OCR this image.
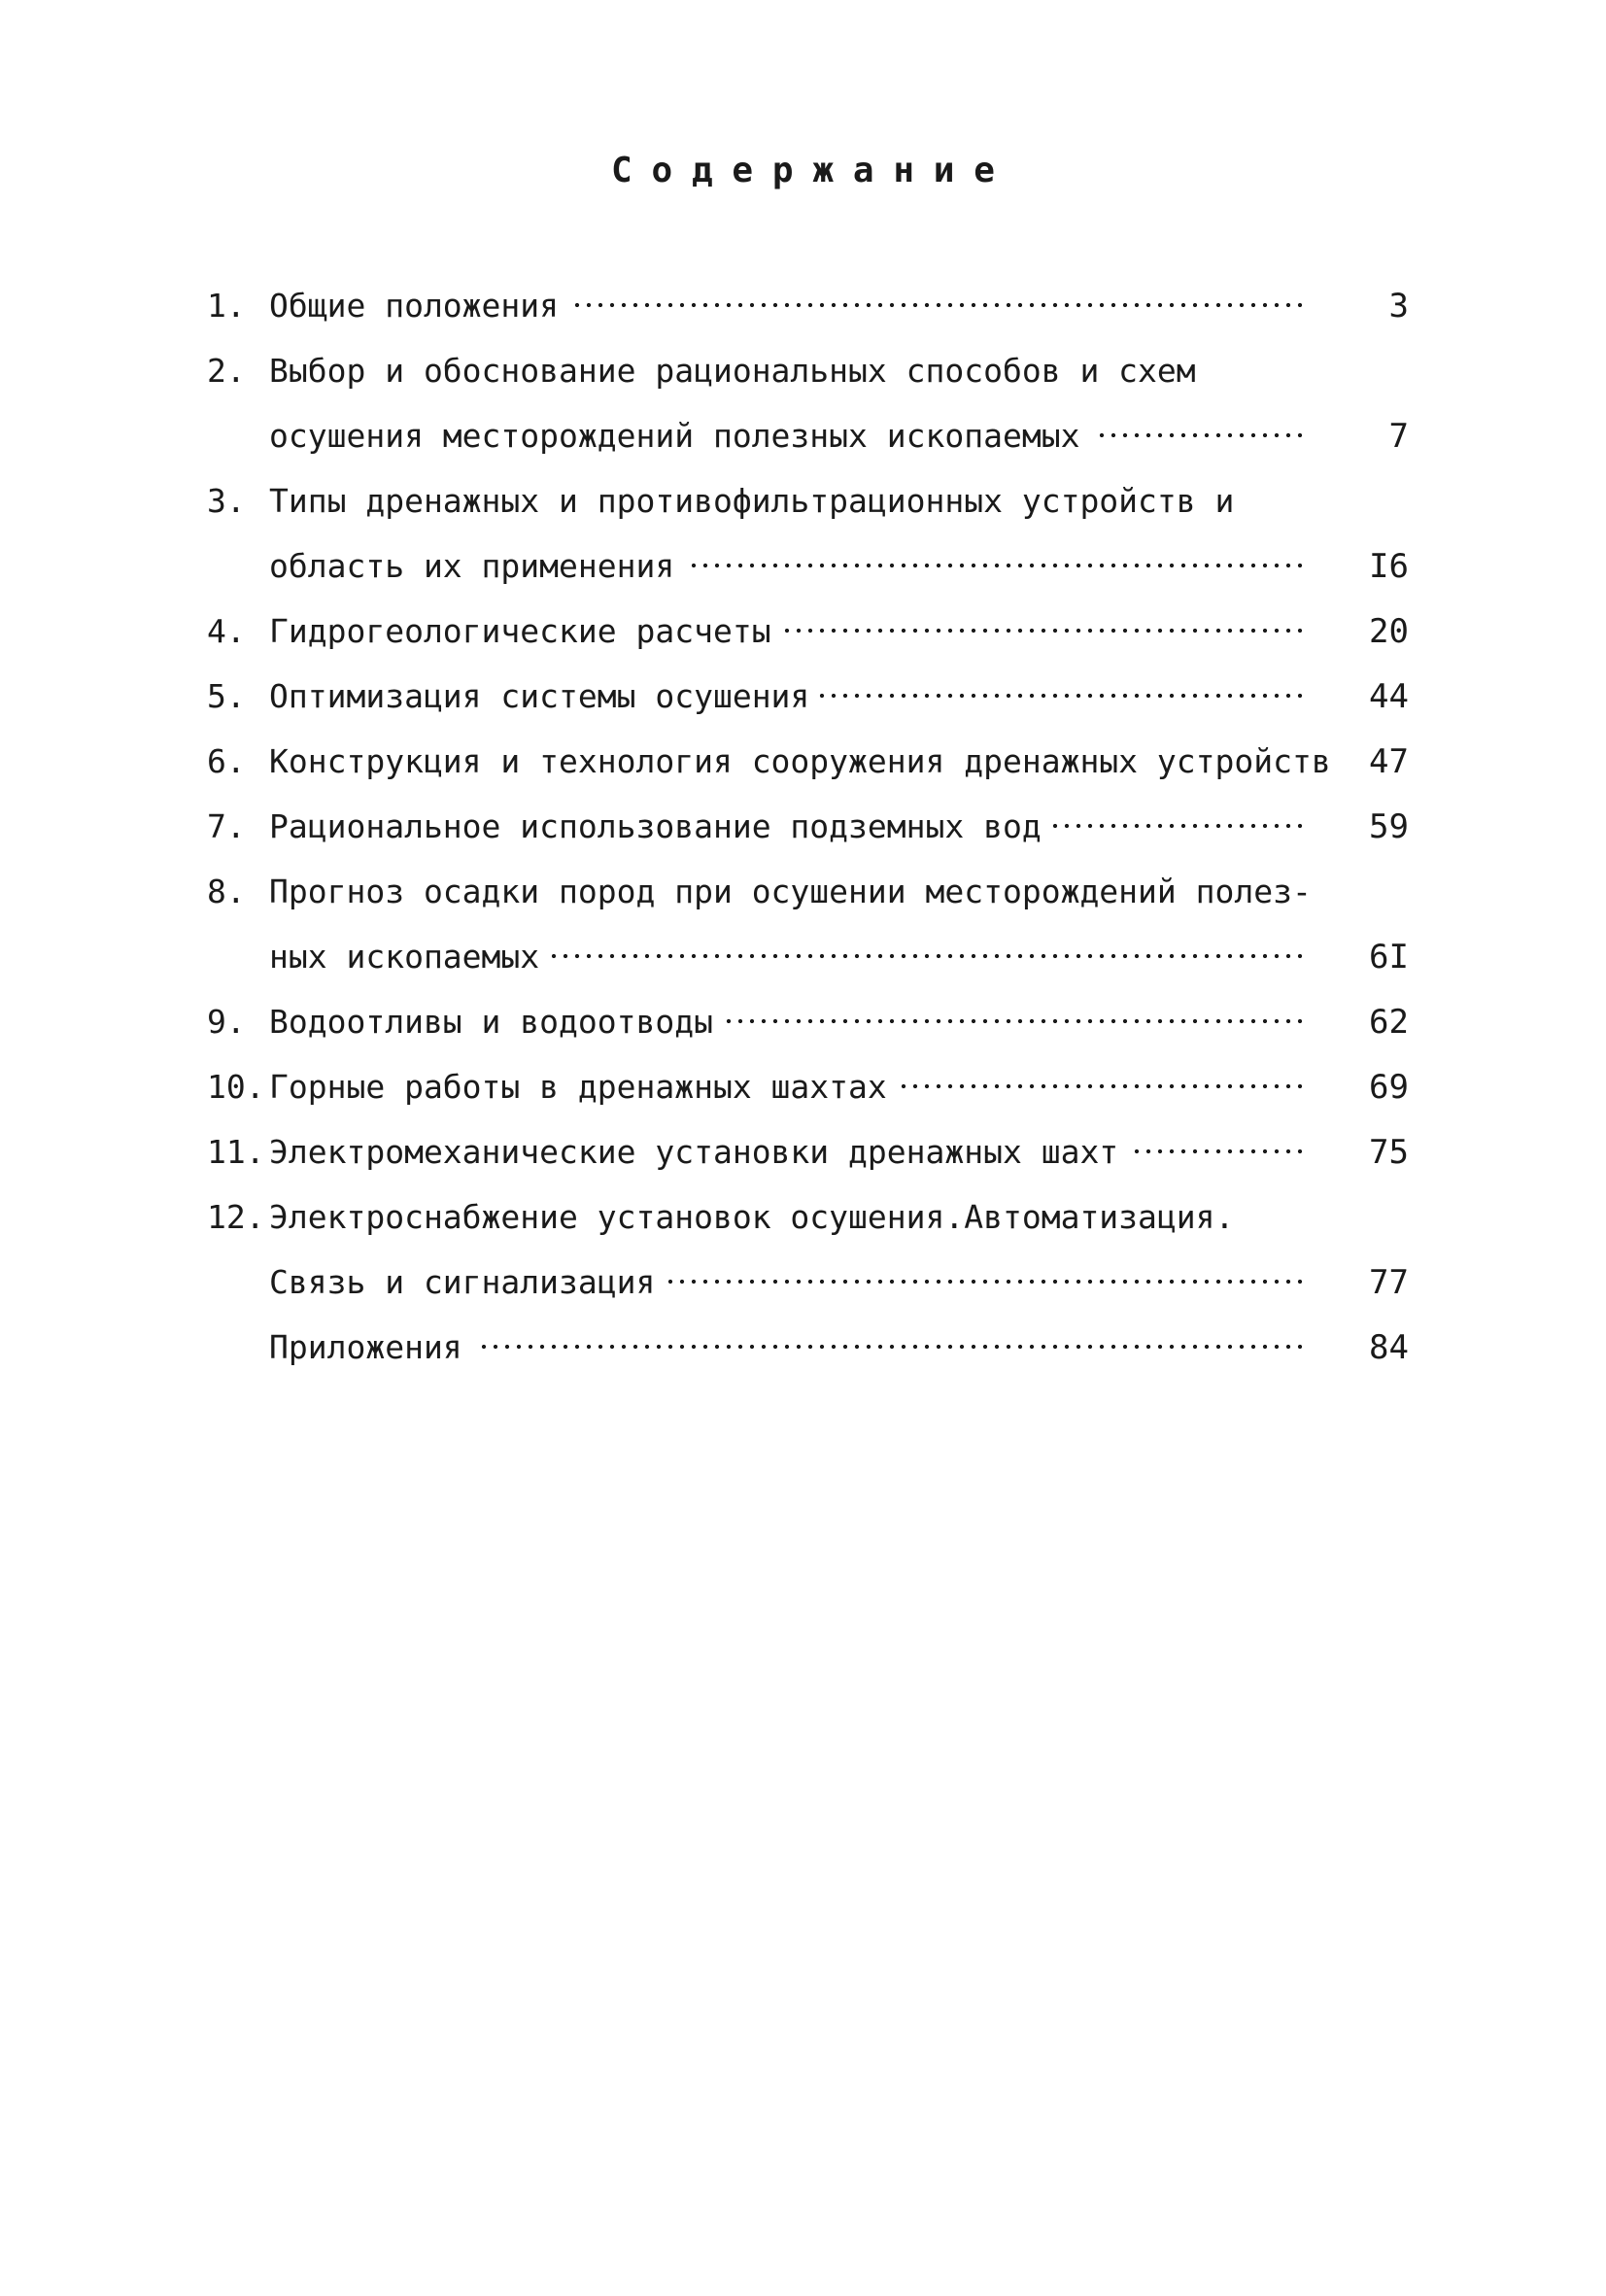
Содержание
1. Общие положения	3
2. Выбор и обоснование рациональных способов и схем
осушения месторождений полезных ископаемых	7
3. Типы дренажных и противофильтрационных устройств и
область их применения	I6
4. Гидрогеологические расчеты	20
5. Оптимизация системы осушения	44
6. Конструкция и технология сооружения дренажных устройств	47
7. Рациональное использование подземных вод	59
8. Прогноз осадки пород при осушении месторождений полез-
ных ископаемых	6I
9. Водоотливы и водоотводы	62
10. Горные работы в дренажных шахтах	69
11. Электромеханические установки дренажных шахт	75
12. Электроснабжение установок осушения.Автоматизация.
Связь и сигнализация	77
Приложения	84
